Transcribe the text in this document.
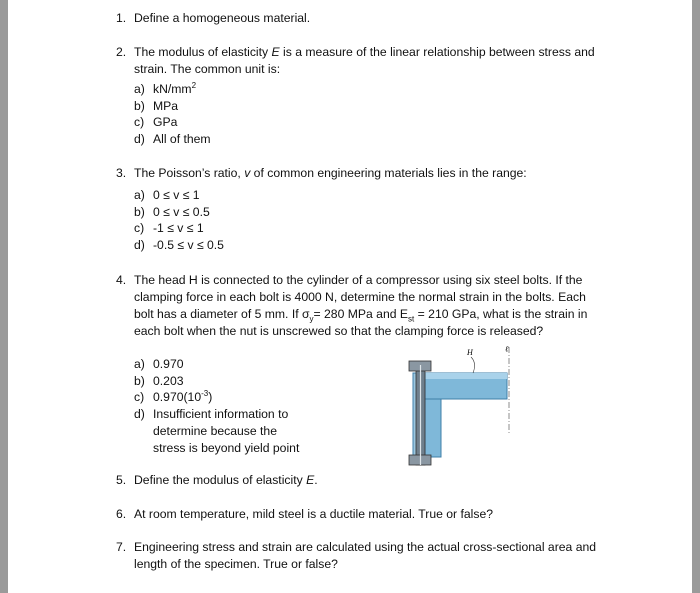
1. Define a homogeneous material.
2. The modulus of elasticity E is a measure of the linear relationship between stress and strain. The common unit is:
a) $kN/mm^2$
b) MPa
c) GPa
d) All of them
3. The Poisson’s ratio, v of common engineering materials lies in the range:
a) 0 ≤ v ≤ 1
b) 0 ≤ v ≤ 0.5
c) -1 ≤ v ≤ 1
d) -0.5 ≤ v ≤ 0.5
4. The head H is connected to the cylinder of a compressor using six steel bolts. If the clamping force in each bolt is 4000 N, determine the normal strain in the bolts. Each bolt has a diameter of 5 mm. If $\sigma_y= 280$ MPa and $E_{st} = 210$ GPa, what is the strain in each bolt when the nut is unscrewed so that the clamping force is released?
a) 0.970
b) 0.203
c) $0.970(10^{-3})$
d) Insufficient information to
determine because the
stress is beyond yield point
H	ℓ
5. Define the modulus of elasticity E.
6. At room temperature, mild steel is a ductile material. True or false?
7. Engineering stress and strain are calculated using the actual cross-sectional area and length of the specimen. True or false?
